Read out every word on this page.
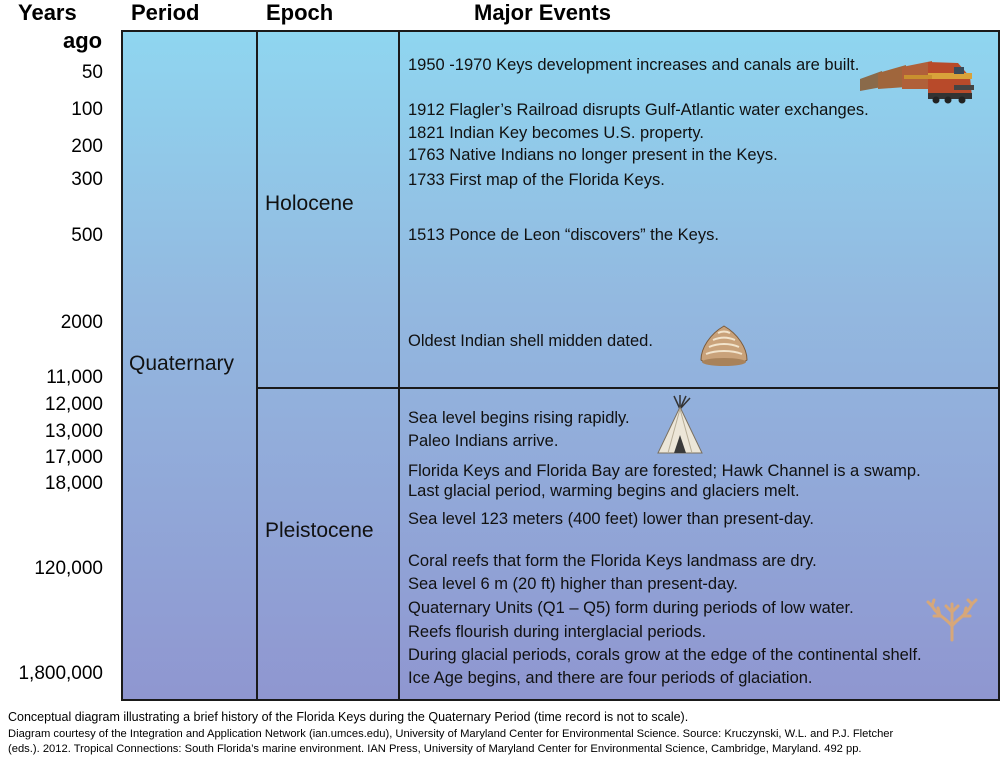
Years
ago
Period	Epoch	Major Events
50
100
200
300
500
2000
11,000
12,000
13,000
17,000
18,000
120,000
1,800,000
Quaternary
Holocene
Pleistocene
1950 -1970 Keys development increases and canals are built.
1912 Flagler’s Railroad disrupts Gulf-Atlantic water exchanges.
1821 Indian Key becomes U.S. property.
1763 Native Indians no longer present in the Keys.
1733 First map of the Florida Keys.
1513 Ponce de Leon “discovers” the Keys.
Oldest Indian shell midden dated.
Sea level begins rising rapidly.
Paleo Indians arrive.
Florida Keys and Florida Bay are forested; Hawk Channel is a swamp.
Last glacial period, warming begins and glaciers melt.
Sea level 123 meters (400 feet) lower than present-day.
Coral reefs that form the Florida Keys landmass are dry.
Sea level 6 m (20 ft) higher than present-day.
Quaternary Units (Q1 – Q5) form during periods of low water.
Reefs flourish during interglacial periods.
During glacial periods, corals grow at the edge of the continental shelf.
Ice Age begins, and there are four periods of glaciation.
Conceptual diagram illustrating a brief history of the Florida Keys during the Quaternary Period (time record is not to scale).
Diagram courtesy of the Integration and Application Network (ian.umces.edu), University of Maryland Center for Environmental Science. Source: Kruczynski, W.L. and P.J. Fletcher
(eds.). 2012. Tropical Connections: South Florida’s marine environment. IAN Press, University of Maryland Center for Environmental Science, Cambridge, Maryland. 492 pp.
